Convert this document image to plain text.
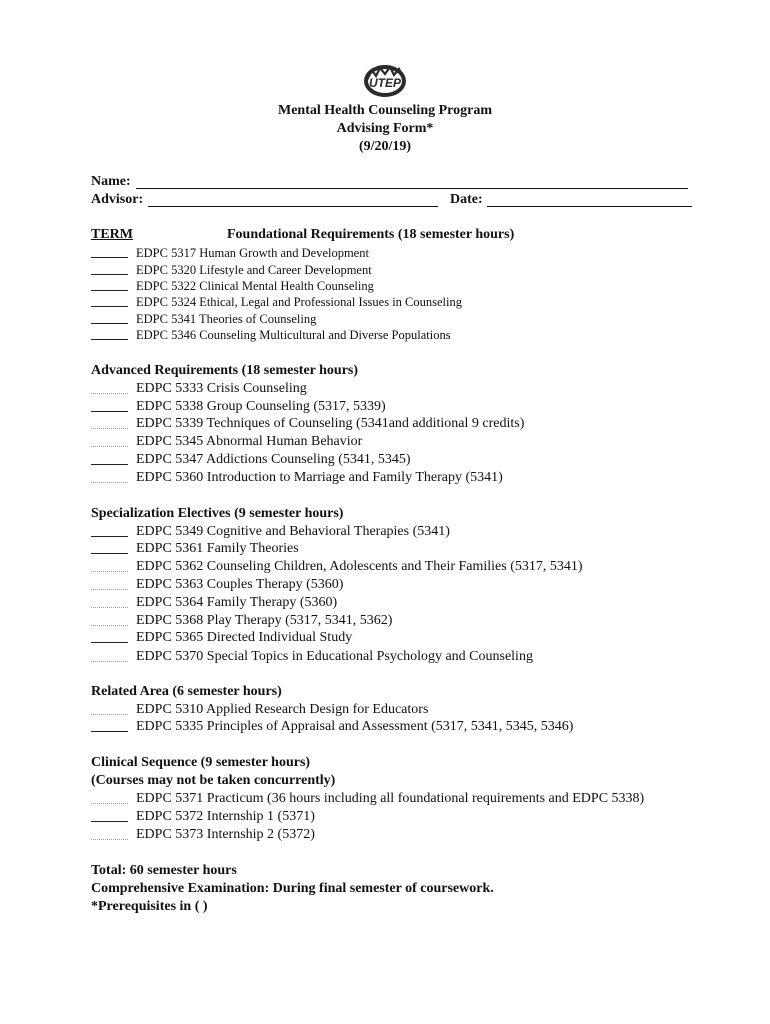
UTEP
Mental Health Counseling Program
Advising Form*
(9/20/19)
Name:
Advisor:	Date:
TERM	Foundational Requirements (18 semester hours)
EDPC 5317 Human Growth and Development
EDPC 5320 Lifestyle and Career Development
EDPC 5322 Clinical Mental Health Counseling
EDPC 5324 Ethical, Legal and Professional Issues in Counseling
EDPC 5341 Theories of Counseling
EDPC 5346 Counseling Multicultural and Diverse Populations
Advanced Requirements (18 semester hours)
EDPC 5333 Crisis Counseling
EDPC 5338 Group Counseling (5317, 5339)
EDPC 5339 Techniques of Counseling (5341and additional 9 credits)
EDPC 5345 Abnormal Human Behavior
EDPC 5347 Addictions Counseling (5341, 5345)
EDPC 5360 Introduction to Marriage and Family Therapy (5341)
Specialization Electives (9 semester hours)
EDPC 5349 Cognitive and Behavioral Therapies (5341)
EDPC 5361 Family Theories
EDPC 5362 Counseling Children, Adolescents and Their Families (5317, 5341)
EDPC 5363 Couples Therapy (5360)
EDPC 5364 Family Therapy (5360)
EDPC 5368 Play Therapy (5317, 5341, 5362)
EDPC 5365 Directed Individual Study
EDPC 5370 Special Topics in Educational Psychology and Counseling
Related Area (6 semester hours)
EDPC 5310 Applied Research Design for Educators
EDPC 5335 Principles of Appraisal and Assessment (5317, 5341, 5345, 5346)
Clinical Sequence (9 semester hours)
(Courses may not be taken concurrently)
EDPC 5371 Practicum (36 hours including all foundational requirements and EDPC 5338)
EDPC 5372 Internship 1 (5371)
EDPC 5373 Internship 2 (5372)
Total: 60 semester hours
Comprehensive Examination: During final semester of coursework.
*Prerequisites in ( )
